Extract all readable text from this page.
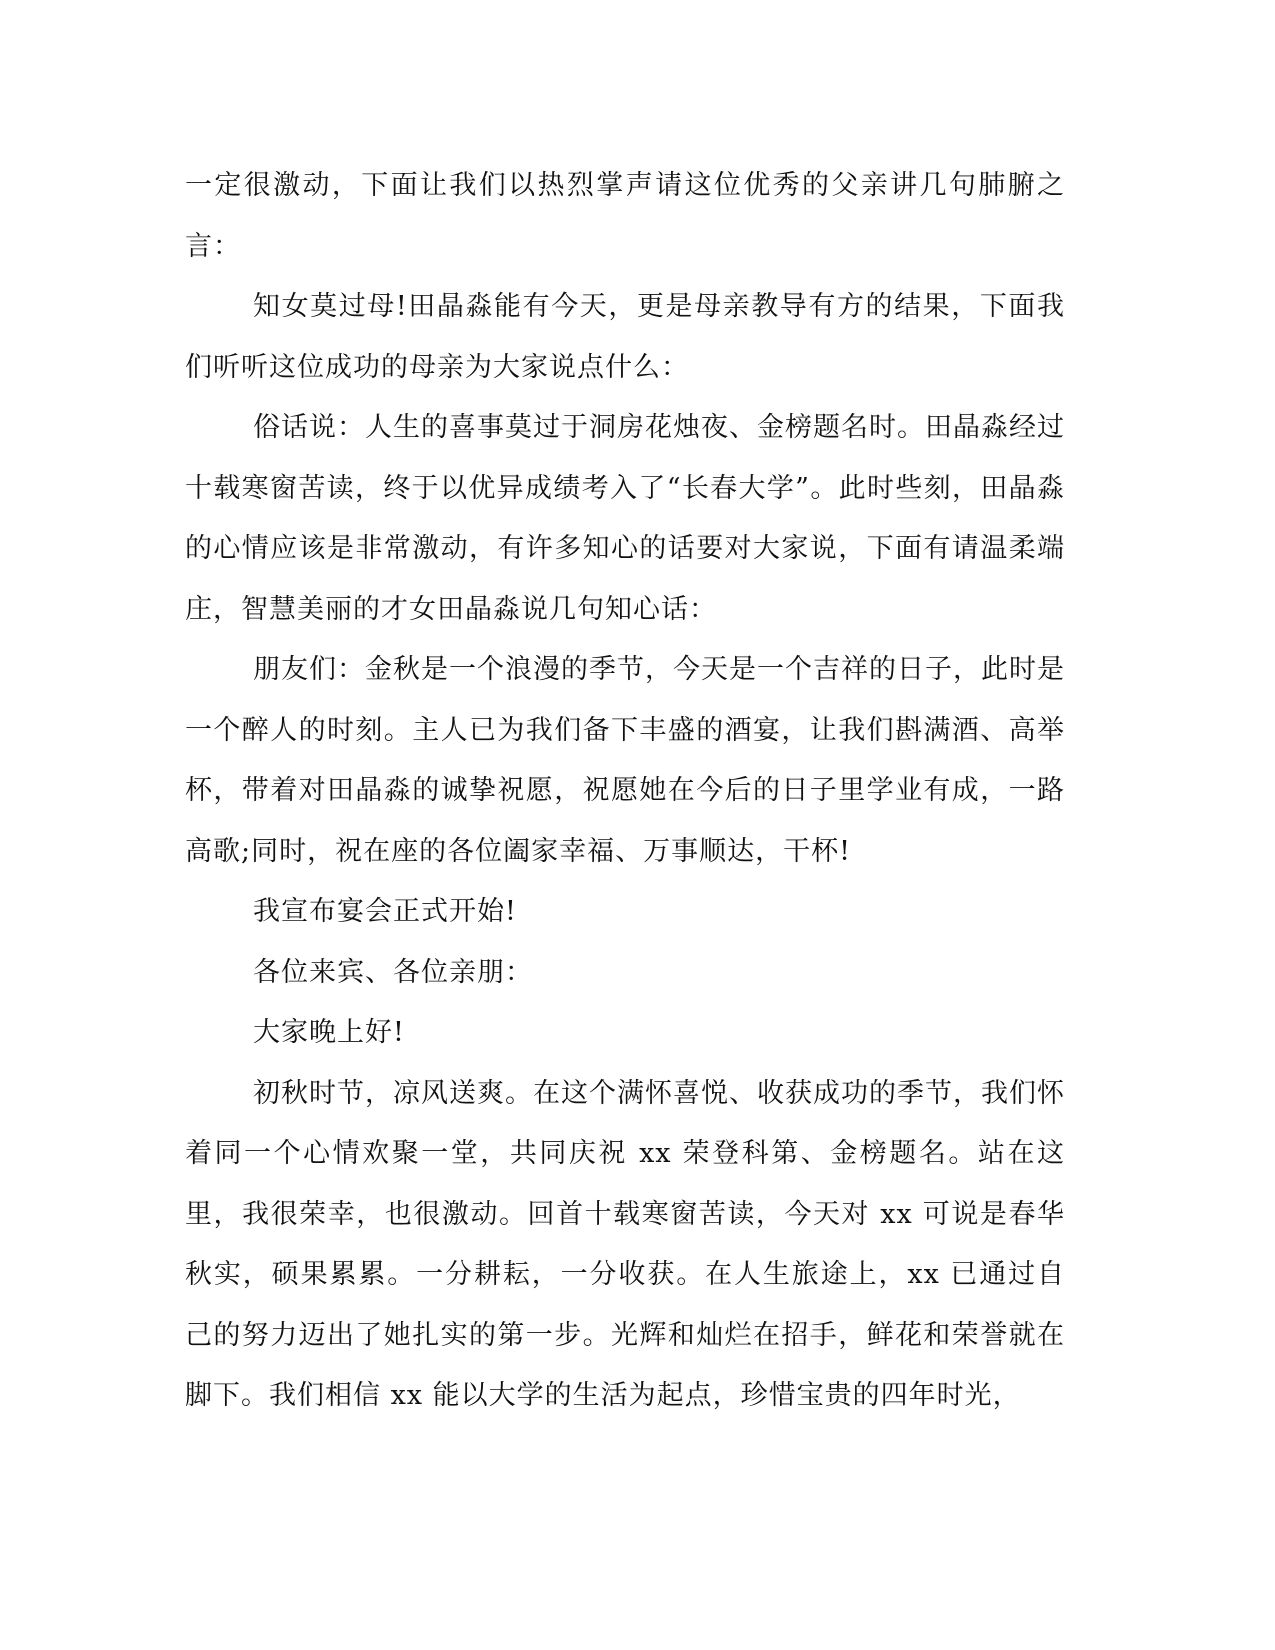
一定很激动，下面让我们以热烈掌声请这位优秀的父亲讲几句肺腑之言：

知女莫过母!田晶淼能有今天，更是母亲教导有方的结果，下面我们听听这位成功的母亲为大家说点什么：

俗话说：人生的喜事莫过于洞房花烛夜、金榜题名时。田晶淼经过十载寒窗苦读，终于以优异成绩考入了“长春大学”。此时些刻，田晶淼的心情应该是非常激动，有许多知心的话要对大家说，下面有请温柔端庄，智慧美丽的才女田晶淼说几句知心话：

朋友们：金秋是一个浪漫的季节，今天是一个吉祥的日子，此时是一个醉人的时刻。主人已为我们备下丰盛的酒宴，让我们斟满酒、高举杯，带着对田晶淼的诚挚祝愿，祝愿她在今后的日子里学业有成，一路高歌;同时，祝在座的各位阖家幸福、万事顺达，干杯!

我宣布宴会正式开始!

各位来宾、各位亲朋：

大家晚上好!

初秋时节，凉风送爽。在这个满怀喜悦、收获成功的季节，我们怀着同一个心情欢聚一堂，共同庆祝 xx 荣登科第、金榜题名。站在这里，我很荣幸，也很激动。回首十载寒窗苦读，今天对 xx 可说是春华秋实，硕果累累。一分耕耘，一分收获。在人生旅途上，xx 已通过自己的努力迈出了她扎实的第一步。光辉和灿烂在招手，鲜花和荣誉就在脚下。我们相信 xx 能以大学的生活为起点，珍惜宝贵的四年时光，
